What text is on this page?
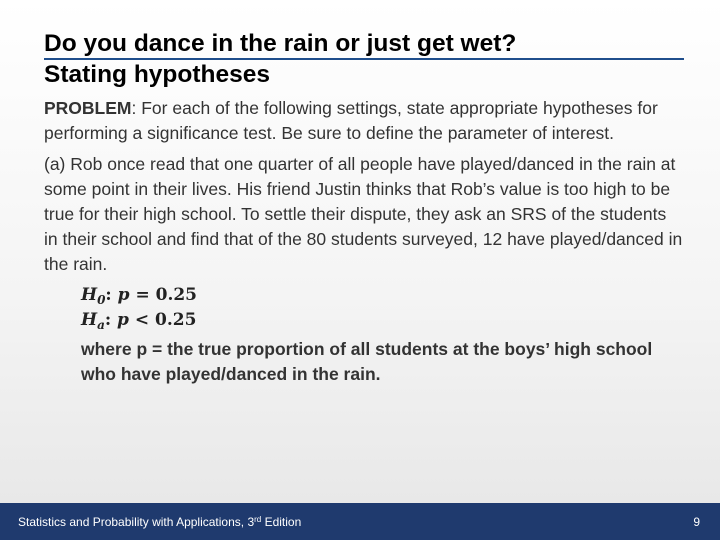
Do you dance in the rain or just get wet?
Stating hypotheses

PROBLEM: For each of the following settings, state appropriate hypotheses for performing a significance test. Be sure to define the parameter of interest.

(a) Rob once read that one quarter of all people have played/danced in the rain at some point in their lives. His friend Justin thinks that Rob’s value is too high to be true for their high school. To settle their dispute, they ask an SRS of the students in their school and find that of the 80 students surveyed, 12 have played/danced in the rain.

$H_0$: p = 0.25
$H_a$: p < 0.25
where p = the true proportion of all students at the boys’ high school who have played/danced in the rain.
Statistics and Probability with Applications, 3rd Edition	9
